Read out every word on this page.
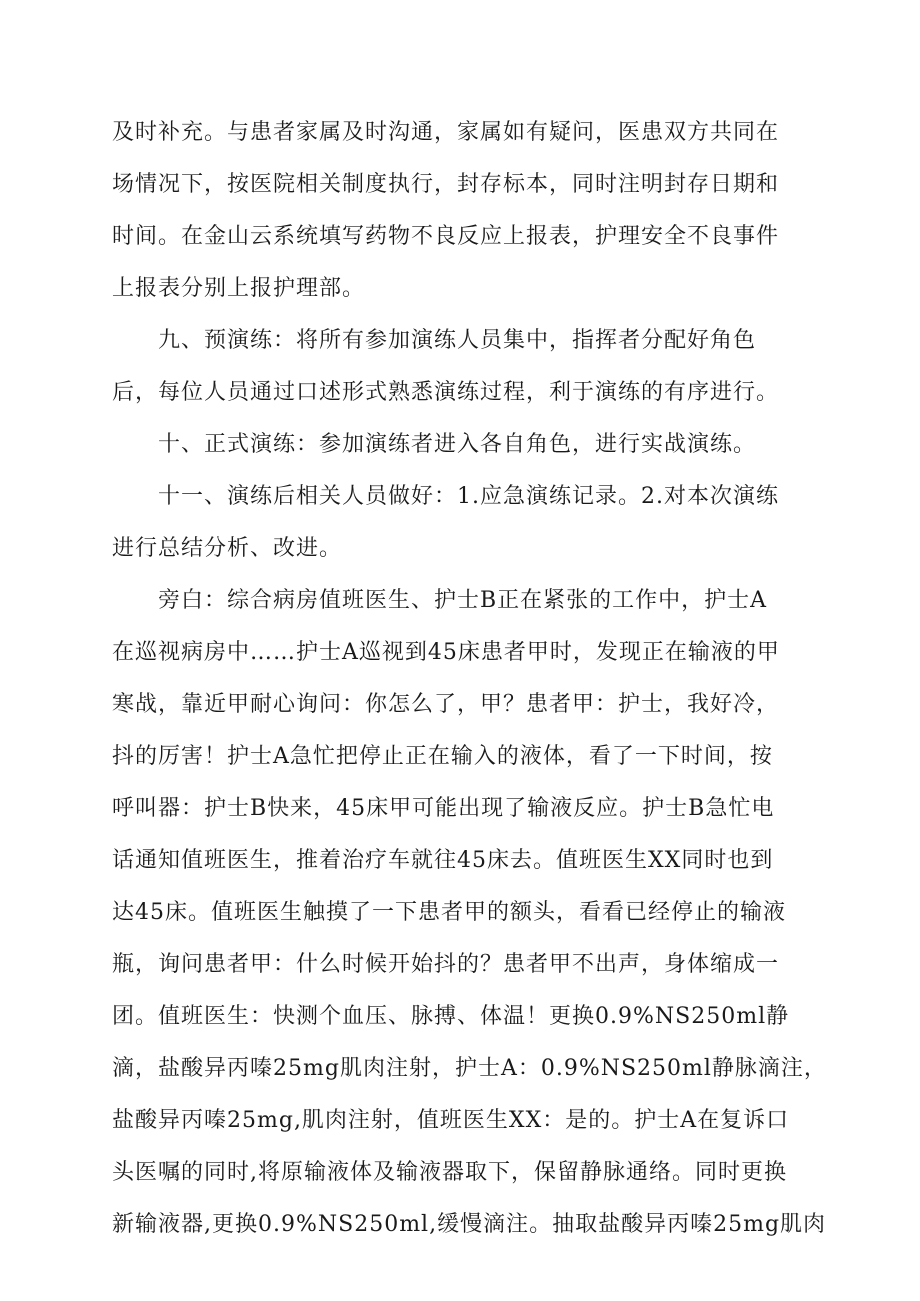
及时补充。与患者家属及时沟通，家属如有疑问，医患双方共同在
场情况下，按医院相关制度执行，封存标本，同时注明封存日期和
时间。在金山云系统填写药物不良反应上报表，护理安全不良事件
上报表分别上报护理部。
九、预演练：将所有参加演练人员集中，指挥者分配好角色
后，每位人员通过口述形式熟悉演练过程，利于演练的有序进行。
十、正式演练：参加演练者进入各自角色，进行实战演练。
十一、演练后相关人员做好：1.应急演练记录。2.对本次演练
进行总结分析、改进。
旁白：综合病房值班医生、护士B正在紧张的工作中，护士A
在巡视病房中……护士A巡视到45床患者甲时，发现正在输液的甲
寒战，靠近甲耐心询问：你怎么了，甲？患者甲：护士，我好冷，
抖的厉害！护士A急忙把停止正在输入的液体，看了一下时间，按
呼叫器：护士B快来，45床甲可能出现了输液反应。护士B急忙电
话通知值班医生，推着治疗车就往45床去。值班医生XX同时也到
达45床。值班医生触摸了一下患者甲的额头，看看已经停止的输液
瓶，询问患者甲：什么时候开始抖的？患者甲不出声，身体缩成一
团。值班医生：快测个血压、脉搏、体温！更换0.9%NS250ml静
滴，盐酸异丙嗪25mg肌肉注射，护士A：0.9%NS250ml静脉滴注，
盐酸异丙嗪25mg,肌肉注射，值班医生XX：是的。护士A在复诉口
头医嘱的同时,将原输液体及输液器取下，保留静脉通络。同时更换
新输液器,更换0.9%NS250ml,缓慢滴注。抽取盐酸异丙嗪25mg肌肉
